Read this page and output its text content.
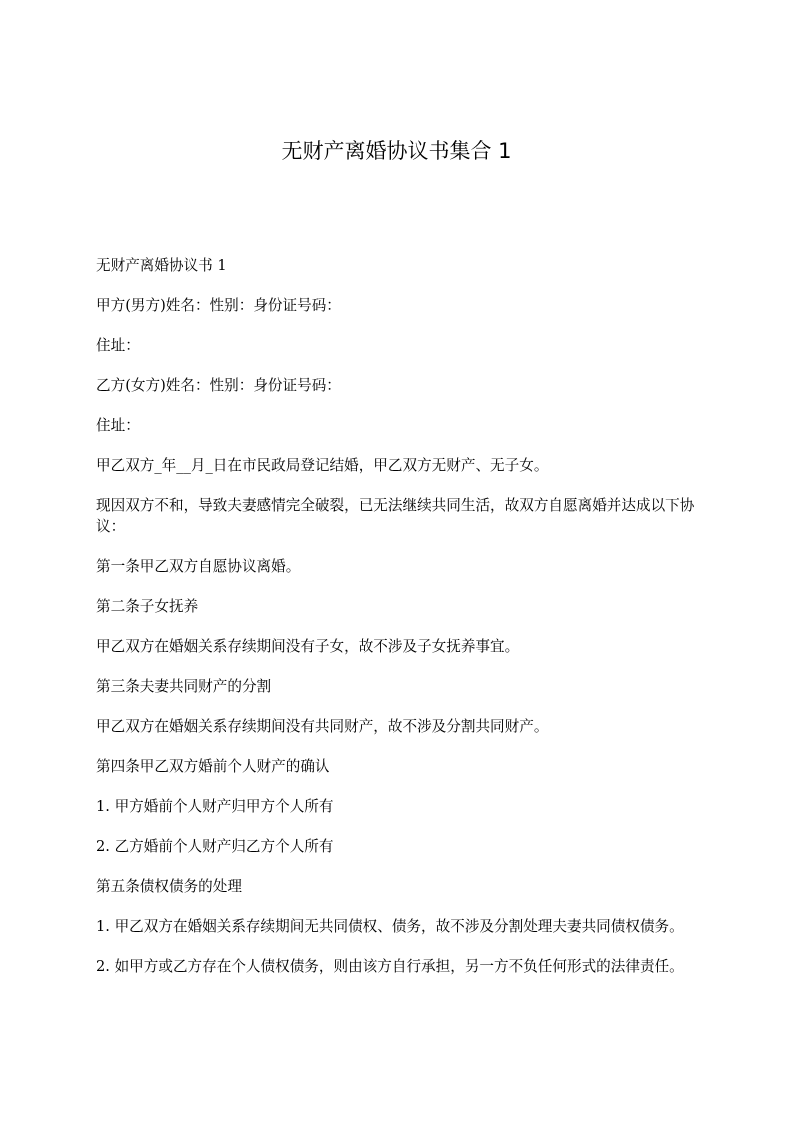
无财产离婚协议书集合 1

无财产离婚协议书 1

甲方(男方)姓名：性别：身份证号码：

住址：

乙方(女方)姓名：性别：身份证号码：

住址：

甲乙双方_年__月_日在市民政局登记结婚，甲乙双方无财产、无子女。

现因双方不和，导致夫妻感情完全破裂，已无法继续共同生活，故双方自愿离婚并达成以下协议：

第一条甲乙双方自愿协议离婚。

第二条子女抚养

甲乙双方在婚姻关系存续期间没有子女，故不涉及子女抚养事宜。

第三条夫妻共同财产的分割

甲乙双方在婚姻关系存续期间没有共同财产，故不涉及分割共同财产。

第四条甲乙双方婚前个人财产的确认

1. 甲方婚前个人财产归甲方个人所有

2. 乙方婚前个人财产归乙方个人所有

第五条债权债务的处理

1. 甲乙双方在婚姻关系存续期间无共同债权、债务，故不涉及分割处理夫妻共同债权债务。

2. 如甲方或乙方存在个人债权债务，则由该方自行承担，另一方不负任何形式的法律责任。
